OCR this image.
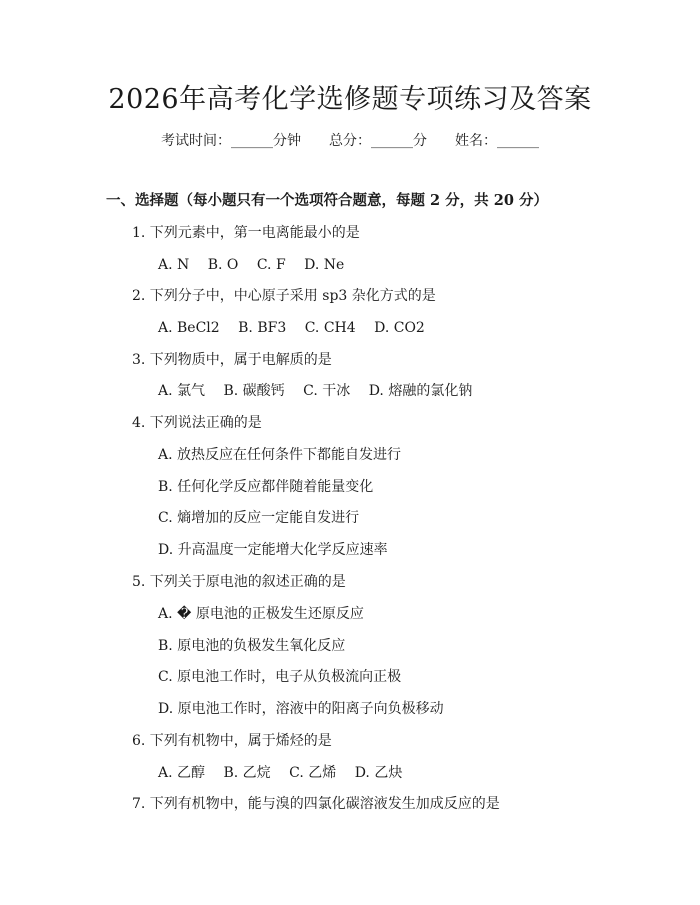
2026年高考化学选修题专项练习及答案
考试时间：______分钟 总分：______分 姓名：______
一、选择题（每小题只有一个选项符合题意，每题 2 分，共 20 分）
1. 下列元素中，第一电离能最小的是
A. N B. O C. F D. Ne
2. 下列分子中，中心原子采用 sp3 杂化方式的是
A. BeCl2 B. BF3 C. CH4 D. CO2
3. 下列物质中，属于电解质的是
A. 氯气 B. 碳酸钙 C. 干冰 D. 熔融的氯化钠
4. 下列说法正确的是
A. 放热反应在任何条件下都能自发进行
B. 任何化学反应都伴随着能量变化
C. 熵增加的反应一定能自发进行
D. 升高温度一定能增大化学反应速率
5. 下列关于原电池的叙述正确的是
A. � 原电池的正极发生还原反应
B. 原电池的负极发生氧化反应
C. 原电池工作时，电子从负极流向正极
D. 原电池工作时，溶液中的阳离子向负极移动
6. 下列有机物中，属于烯烃的是
A. 乙醇 B. 乙烷 C. 乙烯 D. 乙炔
7. 下列有机物中，能与溴的四氯化碳溶液发生加成反应的是
